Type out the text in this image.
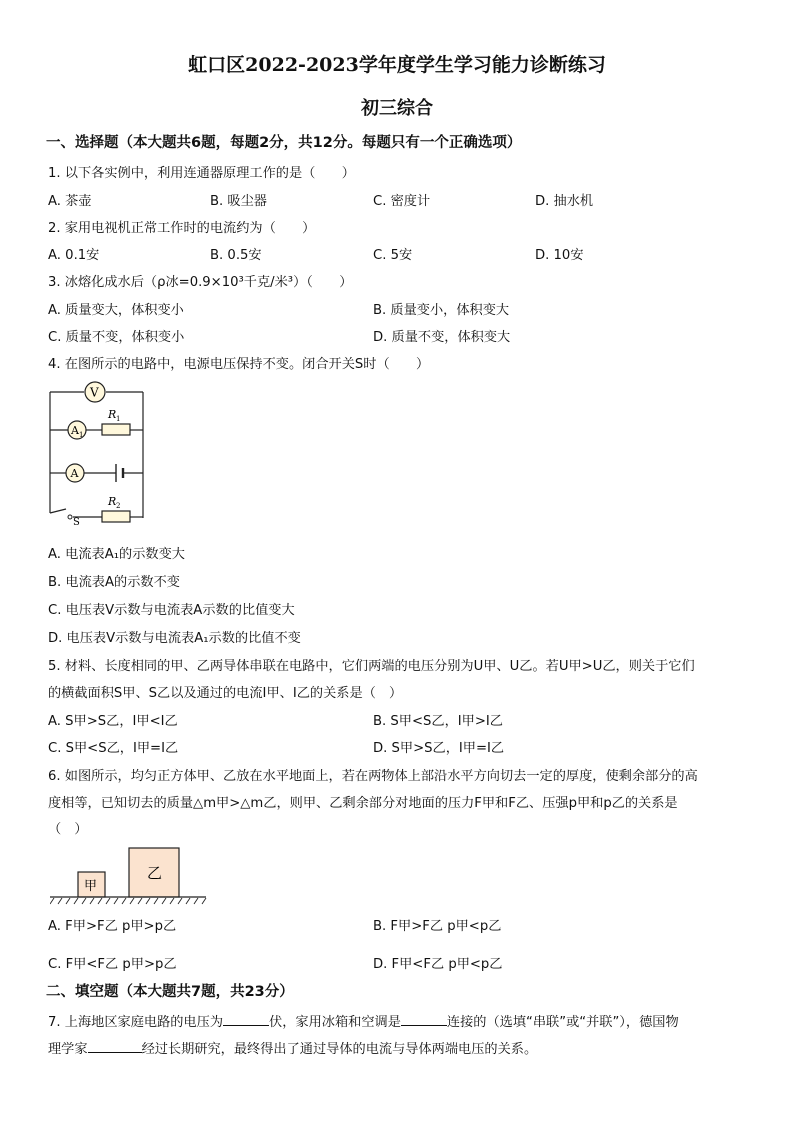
虹口区2022-2023学年度学生学习能力诊断练习
初三综合
一、选择题（本大题共6题，每题2分，共12分。每题只有一个正确选项）
1. 以下各实例中，利用连通器原理工作的是（　　）
A. 茶壶	B. 吸尘器	C. 密度计	D. 抽水机
2. 家用电视机正常工作时的电流约为（　　）
A. 0.1安	B. 0.5安	C. 5安	D. 10安
3. 冰熔化成水后（ρ冰=0.9×10³千克/米³）（　　）
A. 质量变大，体积变小	B. 质量变小，体积变大
C. 质量不变，体积变小	D. 质量不变，体积变大
4. 在图所示的电路中，电源电压保持不变。闭合开关S时（　　）
V
A 1
A
R 1
R 2
S
A. 电流表A₁的示数变大
B. 电流表A的示数不变
C. 电压表V示数与电流表A示数的比值变大
D. 电压表V示数与电流表A₁示数的比值不变
5. 材料、长度相同的甲、乙两导体串联在电路中，它们两端的电压分别为U甲、U乙。若U甲>U乙，则关于它们
的横截面积S甲、S乙以及通过的电流I甲、I乙的关系是（　）
A. S甲>S乙，I甲<I乙	B. S甲<S乙，I甲>I乙
C. S甲<S乙，I甲=I乙	D. S甲>S乙，I甲=I乙
6. 如图所示，均匀正方体甲、乙放在水平地面上，若在两物体上部沿水平方向切去一定的厚度，使剩余部分的高
度相等，已知切去的质量△m甲>△m乙，则甲、乙剩余部分对地面的压力F甲和F乙、压强p甲和p乙的关系是
（　）
甲
乙
A. F甲>F乙 p甲>p乙	B. F甲>F乙 p甲<p乙
C. F甲<F乙 p甲>p乙	D. F甲<F乙 p甲<p乙
二、填空题（本大题共7题，共23分）
7. 上海地区家庭电路的电压为	伏，家用冰箱和空调是	连接的（选填“串联”或“并联”），德国物
理学家	经过长期研究，最终得出了通过导体的电流与导体两端电压的关系。
